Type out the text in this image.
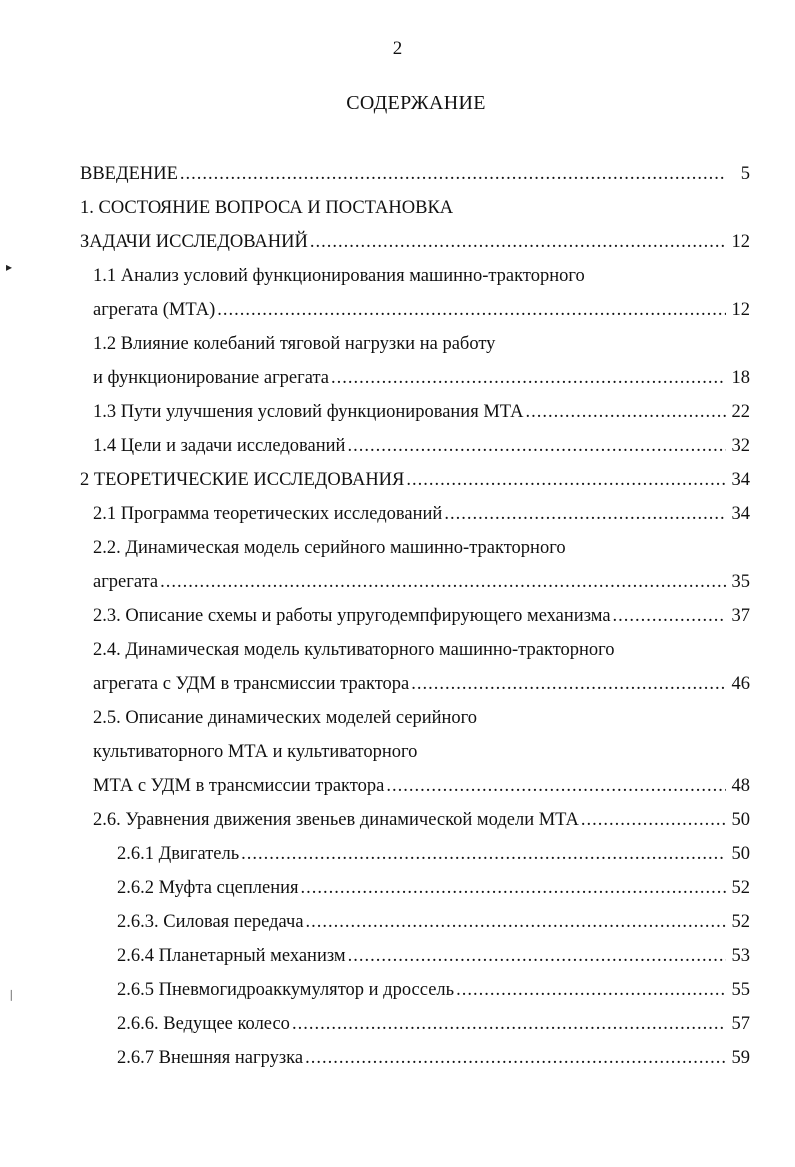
2
СОДЕРЖАНИЕ
ВВЕДЕНИЕ .....	5
1. СОСТОЯНИЕ ВОПРОСА И ПОСТАНОВКА
ЗАДАЧИ ИССЛЕДОВАНИЙ .....	12
1.1 Анализ условий функционирования машинно-тракторного
агрегата (МТА) .....	12
1.2 Влияние колебаний тяговой нагрузки на работу
и функционирование агрегата .....	18
1.3 Пути улучшения условий функционирования МТА .....	22
1.4 Цели и задачи исследований .....	32
2 ТЕОРЕТИЧЕСКИЕ ИССЛЕДОВАНИЯ .....	34
2.1 Программа теоретических исследований .....	34
2.2. Динамическая модель серийного машинно-тракторного
агрегата .....	35
2.3. Описание схемы и работы упругодемпфирующего механизма .....	37
2.4. Динамическая модель культиваторного машинно-тракторного
агрегата с УДМ в трансмиссии трактора .....	46
2.5. Описание динамических моделей серийного
культиваторного МТА и культиваторного
МТА с УДМ в трансмиссии трактора .....	48
2.6. Уравнения движения звеньев динамической модели МТА .....	50
2.6.1 Двигатель .....	50
2.6.2 Муфта сцепления .....	52
2.6.3. Силовая передача .....	52
2.6.4 Планетарный механизм .....	53
2.6.5 Пневмогидроаккумулятор и дроссель .....	55
2.6.6. Ведущее колесо .....	57
2.6.7 Внешняя нагрузка .....	59
▸
│
